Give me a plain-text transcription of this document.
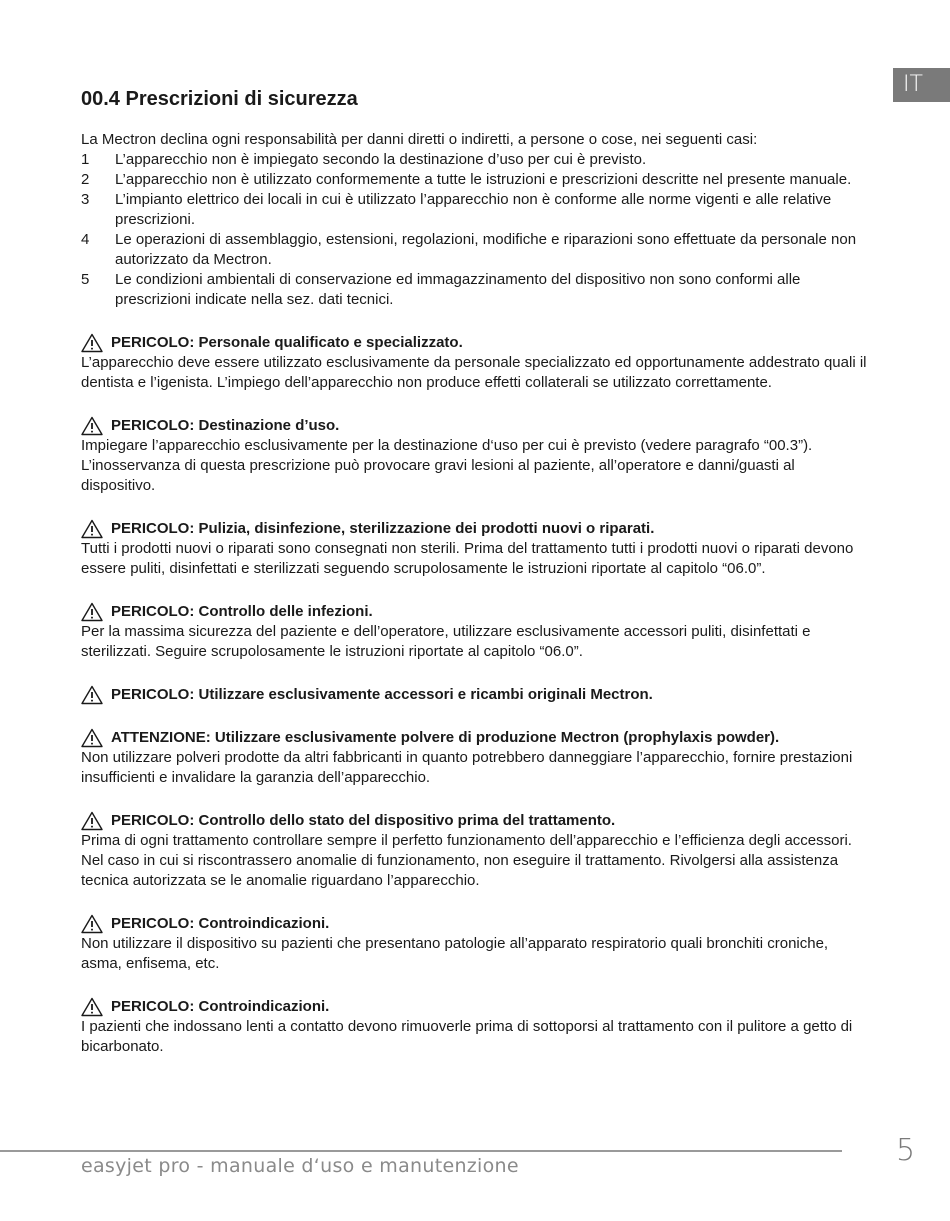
IT
00.4 Prescrizioni di sicurezza
La Mectron declina ogni responsabilità per danni diretti o indiretti, a persone o cose, nei seguenti casi:
1	L’apparecchio non è impiegato secondo la destinazione d’uso per cui è previsto.
2	L’apparecchio non è utilizzato conformemente a tutte le istruzioni e prescrizioni descritte nel presente manuale.
3	L’impianto elettrico dei locali in cui è utilizzato l’apparecchio non è conforme alle norme vigenti e alle relative prescrizioni.
4	Le operazioni di assemblaggio, estensioni, regolazioni, modifiche e riparazioni sono effettuate da personale non autorizzato da Mectron.
5	Le condizioni ambientali di conservazione ed immagazzinamento del dispositivo non sono conformi alle prescrizioni indicate nella sez. dati tecnici.
PERICOLO: Personale qualificato e specializzato.

L’apparecchio deve essere utilizzato esclusivamente da personale specializzato ed opportunamente addestrato quali il dentista e l’igenista. L’impiego dell’apparecchio non produce effetti collaterali se utilizzato correttamente.

PERICOLO: Destinazione d’uso.

Impiegare l’apparecchio esclusivamente per la destinazione d‘uso per cui è previsto (vedere paragrafo “00.3”). L’inosservanza di questa prescrizione può provocare gravi lesioni al paziente, all’operatore e danni/guasti al dispositivo.

PERICOLO: Pulizia, disinfezione, sterilizzazione dei prodotti nuovi o riparati.

Tutti i prodotti nuovi o riparati sono consegnati non sterili. Prima del trattamento tutti i prodotti nuovi o riparati devono essere puliti, disinfettati e sterilizzati seguendo scrupolosamente le istruzioni riportate al capitolo “06.0”.

PERICOLO: Controllo delle infezioni.

Per la massima sicurezza del paziente e dell’operatore, utilizzare esclusivamente accessori puliti, disinfettati e sterilizzati. Seguire scrupolosamente le istruzioni riportate al capitolo “06.0”.

PERICOLO: Utilizzare esclusivamente accessori e ricambi originali Mectron.
ATTENZIONE: Utilizzare esclusivamente polvere di produzione Mectron (prophylaxis powder).

Non utilizzare polveri prodotte da altri fabbricanti in quanto potrebbero danneggiare l’apparecchio, fornire prestazioni insufficienti e invalidare la garanzia dell’apparecchio.

PERICOLO: Controllo dello stato del dispositivo prima del trattamento.

Prima di ogni trattamento controllare sempre il perfetto funzionamento dell’apparecchio e l’efficienza degli accessori. Nel caso in cui si riscontrassero anomalie di funzionamento, non eseguire il trattamento. Rivolgersi alla assistenza tecnica autorizzata se le anomalie riguardano l’apparecchio.

PERICOLO: Controindicazioni.

Non utilizzare il dispositivo su pazienti che presentano patologie all’apparato respiratorio quali bronchiti croniche, asma, enfisema, etc.

PERICOLO: Controindicazioni.

I pazienti che indossano lenti a contatto devono rimuoverle prima di sottoporsi al trattamento con il pulitore a getto di bicarbonato.

easyjet pro - manuale d‘uso e manutenzione	5
